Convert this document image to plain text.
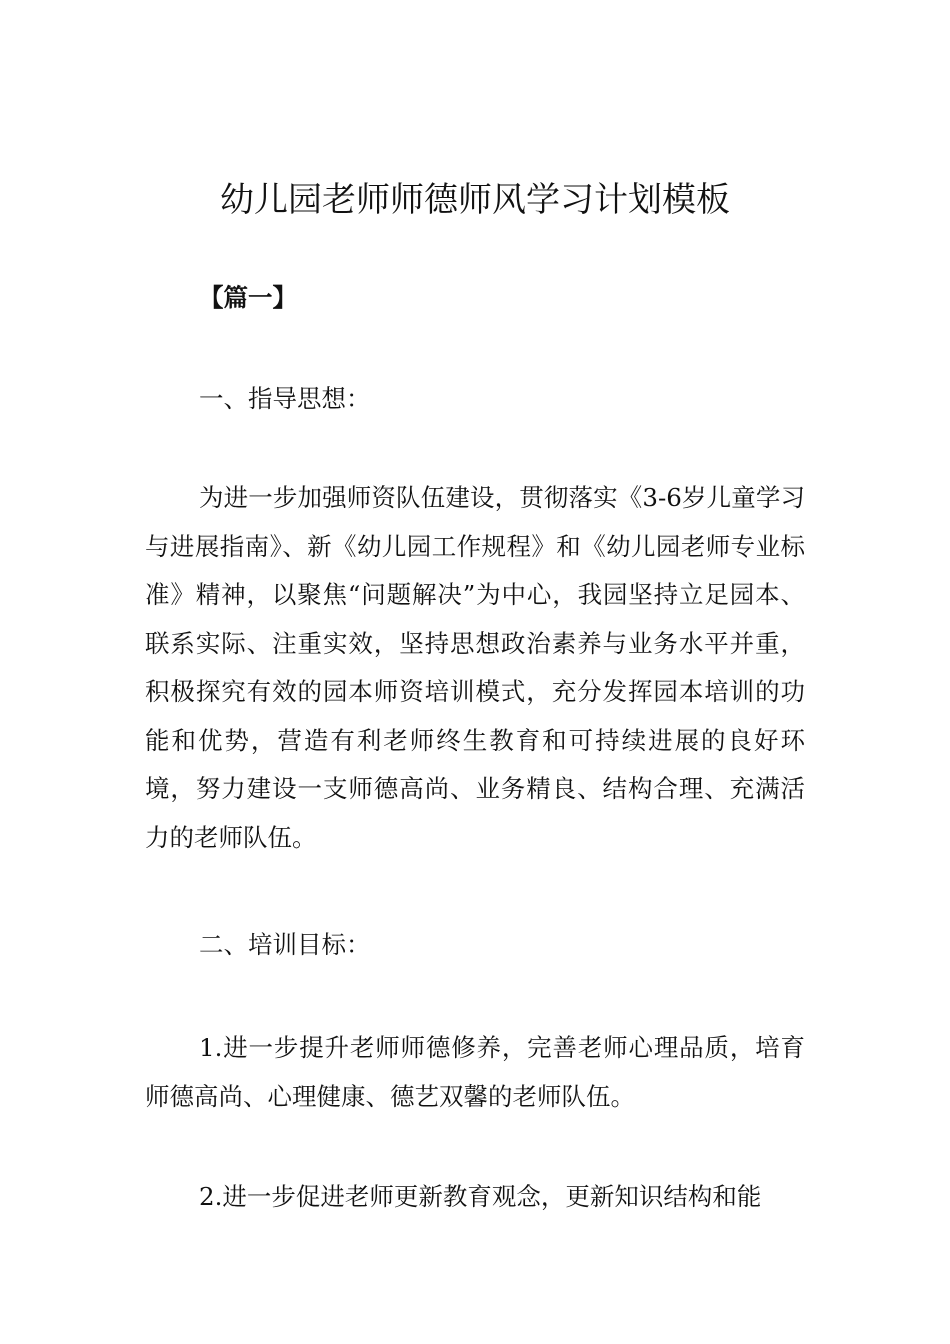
幼儿园老师师德师风学习计划模板
【篇一】
一、指导思想：
为进一步加强师资队伍建设，贯彻落实《3-6岁儿童学习与进展指南》、新《幼儿园工作规程》和《幼儿园老师专业标准》精神，以聚焦“问题解决”为中心，我园坚持立足园本、联系实际、注重实效，坚持思想政治素养与业务水平并重，积极探究有效的园本师资培训模式，充分发挥园本培训的功能和优势，营造有利老师终生教育和可持续进展的良好环境，努力建设一支师德高尚、业务精良、结构合理、充满活力的老师队伍。
二、培训目标：
1.进一步提升老师师德修养，完善老师心理品质，培育师德高尚、心理健康、德艺双馨的老师队伍。
2.进一步促进老师更新教育观念，更新知识结构和能
